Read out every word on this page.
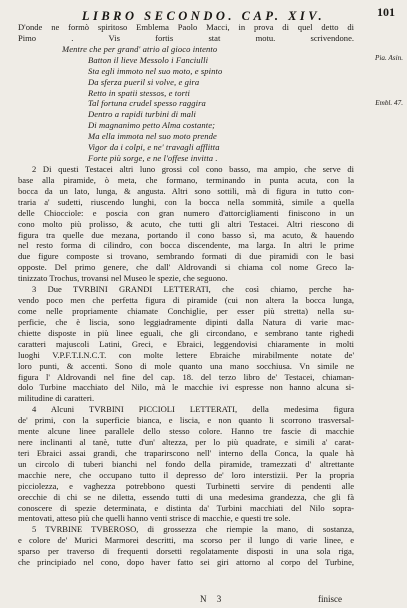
LIBRO SECONDO. CAP. XIV.	101
Pia. Asin.
Embl. 47.
D'onde ne formò spiritoso Emblema Paolo Macci, in prova di quel detto di
Pimo . Vis fortis stat motu. scrivendone.
Mentre che per grand' atrio al gioco intento
Batton il lieve Messolo i Fanciulli
Sta egli immoto nel suo moto, e spinto
Da sferza pueril si volve, e gira
Retto in spatii stessos, e torti
Tal fortuna crudel spesso raggira
Dentro a rapidi turbini di mali
Di magnanimo petto Alma costante;
Ma ella immota nel suo moto prende
Vigor da i colpi, e ne' travagli afflitta
Forte più sorge, e ne l'offese invitta .
2 Di questi Testacei altri luno grossi col cono basso, ma ampio, che serve di
base alla piramide, ò meta, che formano, terminando in punta acuta, con la
bocca da un lato, lunga, & angusta. Altri sono sottili, mà di figura in tutto con-
traria a' sudetti, riuscendo lunghi, con la bocca nella sommità, simile a quella
delle Chiocciole: e poscia con gran numero d'attorcigliamenti finiscono in un
cono molto più prolisso, & acuto, che tutti gli altri Testacei. Altri riescono di
figura tra quelle due mezana, portando il cono basso sì, ma acuto, & hauendo
nel resto forma di cilindro, con bocca discendente, ma larga. In altri le prime
due figure composte si trovano, sembrando formati di due piramidi con le basi
opposte. Del primo genere, che dall' Aldrovandi si chiama col nome Greco la-
tinizzato Trochus, trovansi nel Museo le spezie, che seguono.
3 Due TVRBINI GRANDI LETTERATI, che così chiamo, perche ha-
vendo poco men che perfetta figura di piramide (cui non altera la bocca lunga,
come nelle propriamente chiamate Conchiglie, per esser più stretta) nella su-
perficie, che è liscia, sono leggiadramente dipinti dalla Natura di varie mac-
chiette disposte in più linee eguali, che gli circondano, e sembrano tante righedi
caratteri majuscoli Latini, Greci, e Ebraici, leggendovisi chiaramente in molti
luoghi V.P.F.T.I.N.C.T. con molte lettere Ebraiche mirabilmente notate de'
loro punti, & accenti. Sono di mole quanto una mano socchiusa. Vn simile ne
figura l' Aldrovandi nel fine del cap. 18. del terzo libro de' Testacei, chiaman-
dolo Turbine macchiato del Nilo, mà le macchie ivi espresse non hanno alcuna si-
militudine di caratteri.
4 Alcuni TVRBINI PICCIOLI LETTERATI, della medesima figura
de' primi, con la superficie bianca, e liscia, e non quanto li scorrono trasversal-
mente alcune linee parallele dello stesso colore. Hanno tre fascie di macchie
nere inclinanti al tanè, tutte d'un' altezza, per lo più quadrate, e simili a' carat-
teri Ebraici assai grandi, che traparirscono nell' interno della Conca, la quale hà
un circolo di tuberi bianchi nel fondo della piramide, tramezzati d' altrettante
macchie nere, che occupano tutto il depresso de' loro interstizii. Per la propria
picciolezza, e vaghezza potrebbono questi Turbinetti servire di pendenti alle
orecchie di chi se ne diletta, essendo tutti di una medesima grandezza, che gli fà
conoscere di spezie determinata, e distinta da' Turbini macchiati del Nilo sopra-
mentovati, atteso più che quelli hanno venti strisce di macchie, e questi tre sole.
5 TVRBINE TVBEROSO, di grossezza che riempie la mano, di sostanza,
e colore de' Murici Marmorei descritti, ma scorso per il lungo di varie linee, e
sparso per traverso di frequenti dorsetti regolatamente disposti in una sola riga,
che principiado nel cono, dopo haver fatto sei giri attorno al corpo del Turbine,
N 3	finisce
